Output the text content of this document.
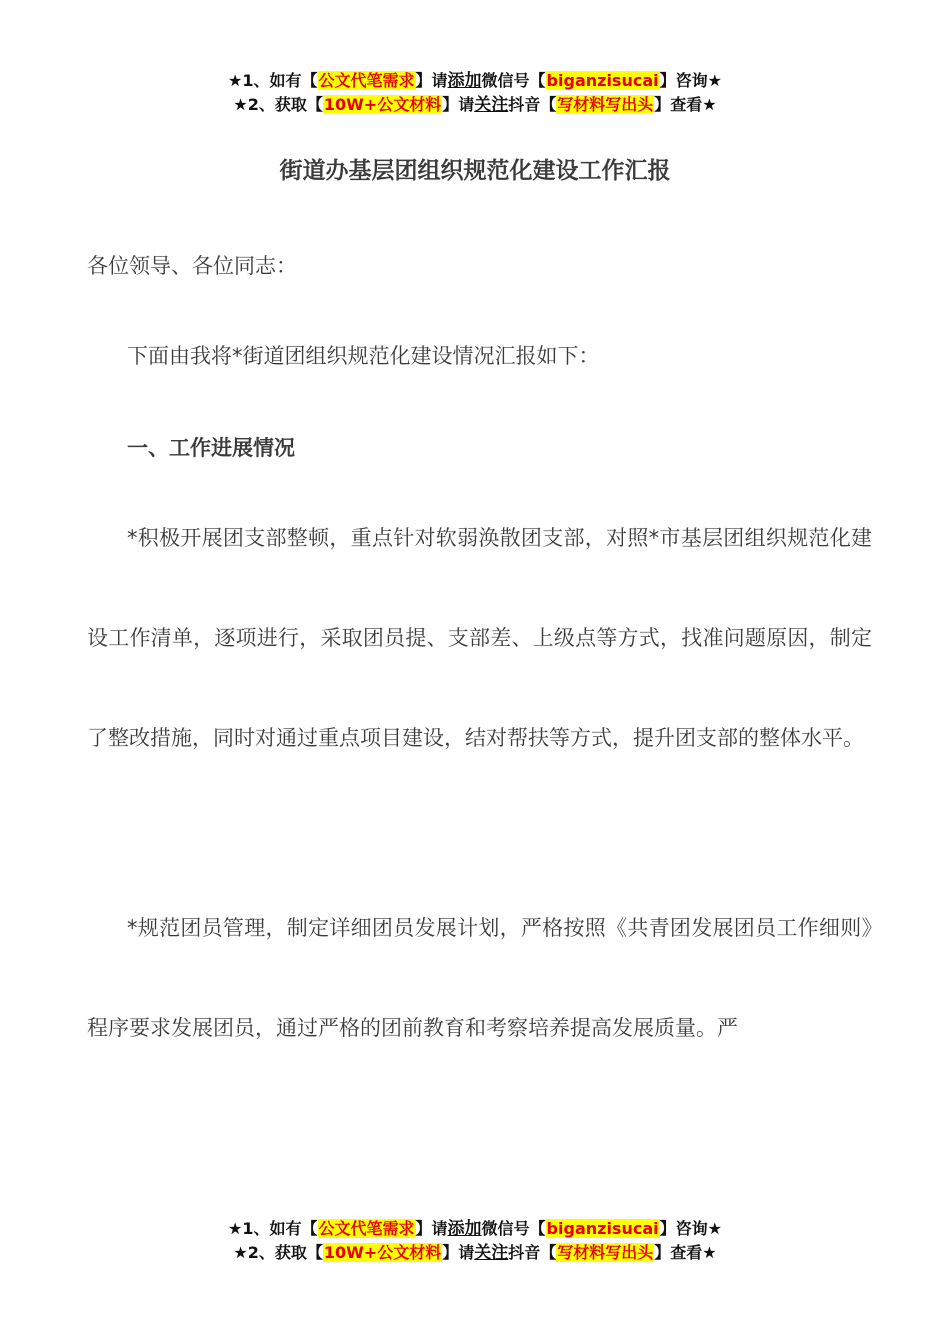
★1、如有【公文代笔需求】请添加微信号【biganzisucai】咨询★
★2、获取【10W+公文材料】请关注抖音【写材料写出头】查看★
街道办基层团组织规范化建设工作汇报
各位领导、各位同志：
下面由我将*街道团组织规范化建设情况汇报如下：
一、工作进展情况
*积极开展团支部整顿，重点针对软弱涣散团支部，对照*市基层团组织规范化建设工作清单，逐项进行，采取团员提、支部差、上级点等方式，找准问题原因，制定了整改措施，同时对通过重点项目建设，结对帮扶等方式，提升团支部的整体水平。
*规范团员管理，制定详细团员发展计划，严格按照《共青团发展团员工作细则》程序要求发展团员，通过严格的团前教育和考察培养提高发展质量。严
★1、如有【公文代笔需求】请添加微信号【biganzisucai】咨询★
★2、获取【10W+公文材料】请关注抖音【写材料写出头】查看★
